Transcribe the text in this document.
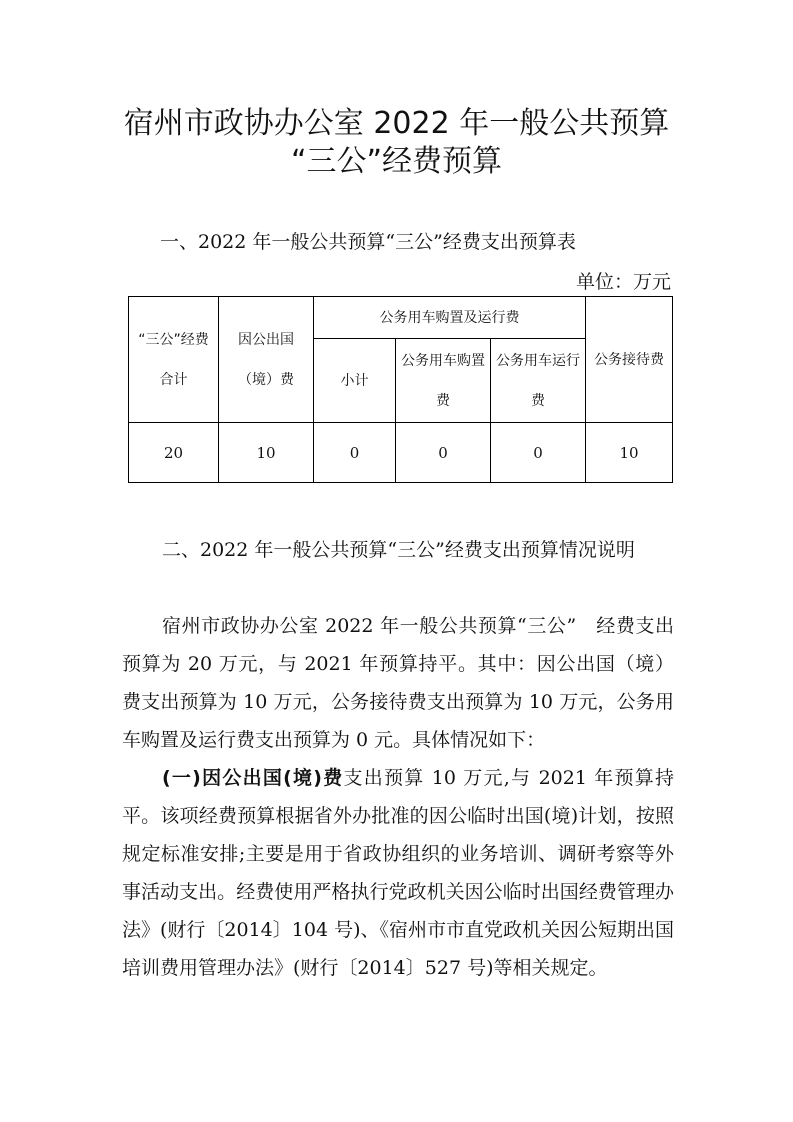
宿州市政协办公室 2022 年一般公共预算
“三公”经费预算
一、2022 年一般公共预算“三公”经费支出预算表
单位：万元
“三公”经费合计	因公出国（境）费	公务用车购置及运行费			公务接待费
		小计	公务用车购置费	公务用车运行费	
20	10	0	0	0	10
二、2022 年一般公共预算“三公”经费支出预算情况说明
宿州市政协办公室 2022 年一般公共预算“三公”　经费支出预算为 20 万元，与 2021 年预算持平。其中：因公出国（境）费支出预算为 10 万元，公务接待费支出预算为 10 万元，公务用车购置及运行费支出预算为 0 元。具体情况如下：
(一)因公出国(境)费支出预算 10 万元,与 2021 年预算持平。该项经费预算根据省外办批准的因公临时出国(境)计划，按照规定标准安排;主要是用于省政协组织的业务培训、调研考察等外事活动支出。经费使用严格执行党政机关因公临时出国经费管理办法》(财行〔2014〕104 号)、《宿州市市直党政机关因公短期出国培训费用管理办法》(财行〔2014〕527 号)等相关规定。
